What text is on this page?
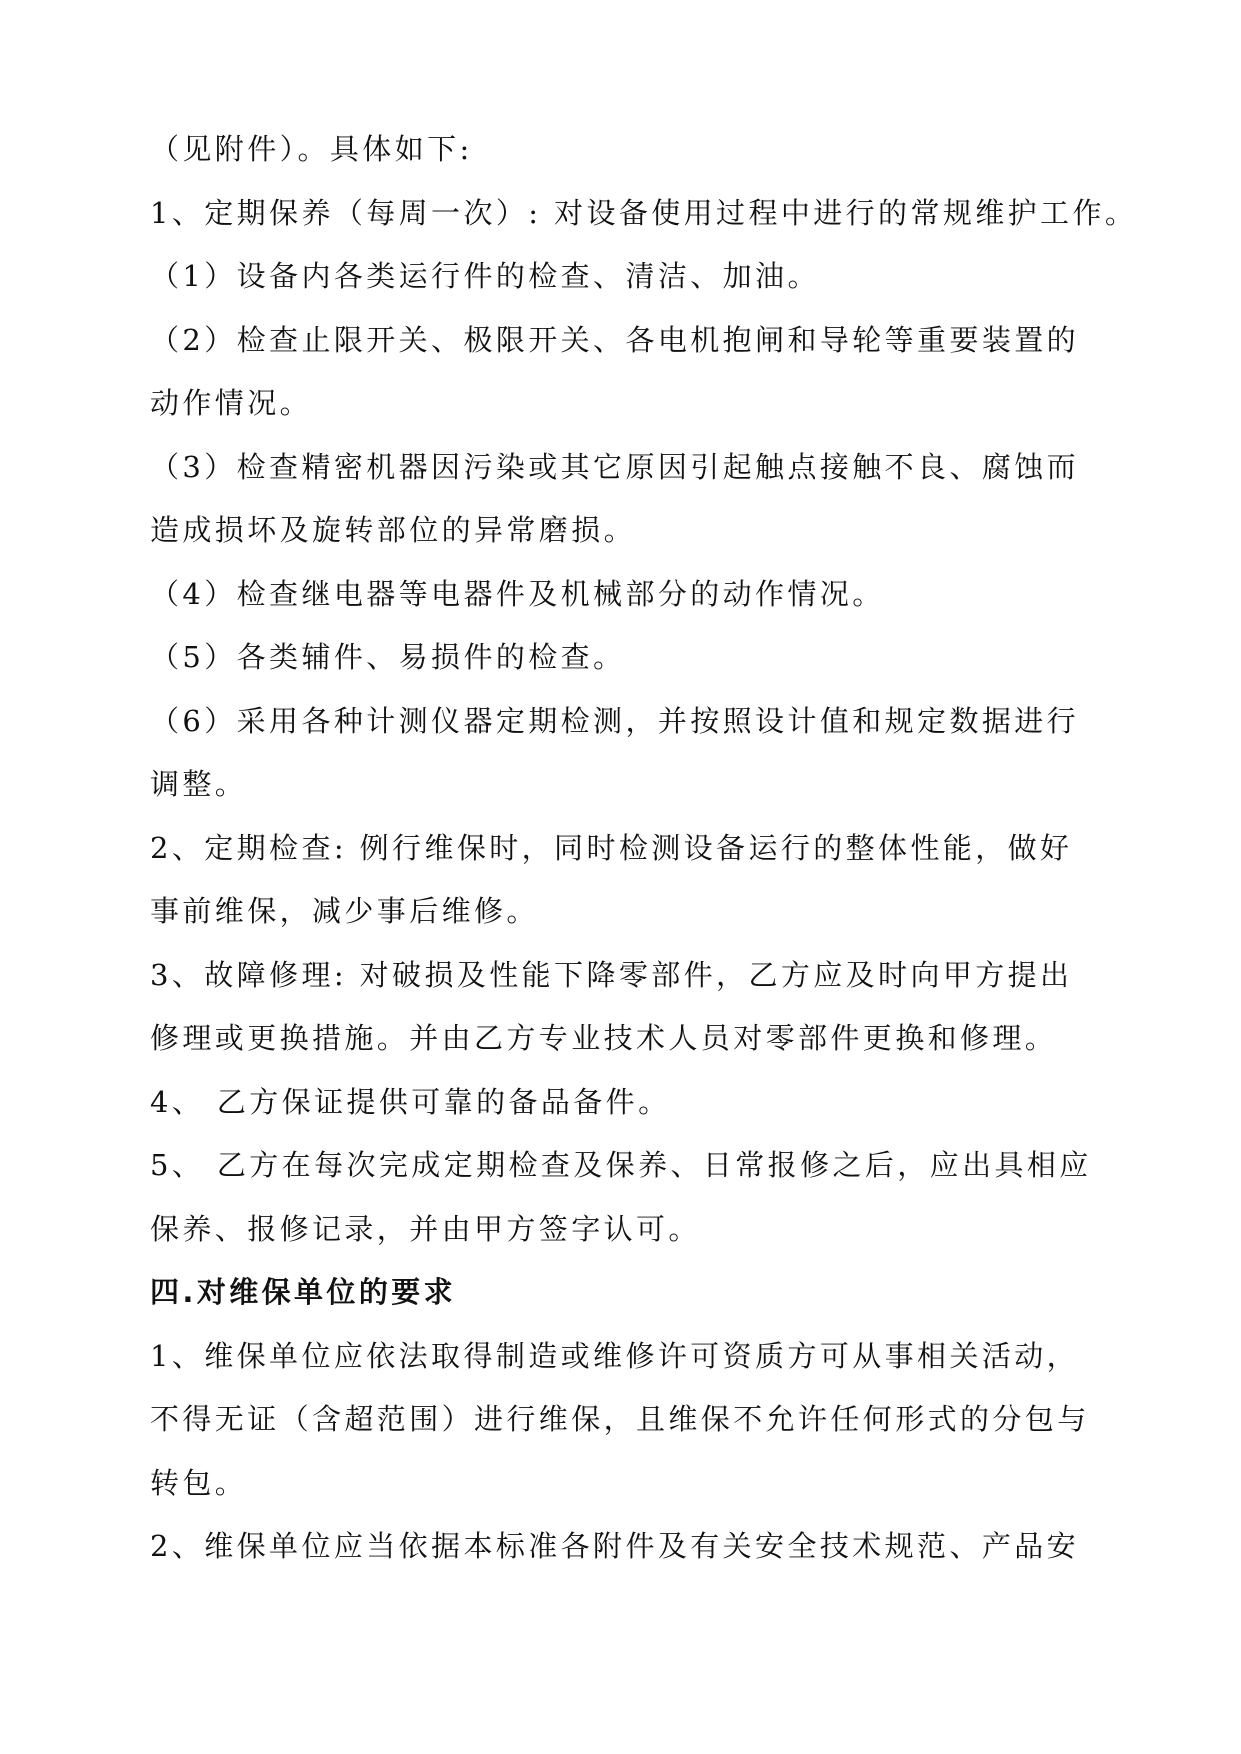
（见附件）。具体如下:
1、定期保养（每周一次）: 对设备使用过程中进行的常规维护工作。
（1）设备内各类运行件的检查、清洁、加油。
（2）检查止限开关、极限开关、各电机抱闸和导轮等重要装置的
动作情况。
（3）检查精密机器因污染或其它原因引起触点接触不良、腐蚀而
造成损坏及旋转部位的异常磨损。
（4）检查继电器等电器件及机械部分的动作情况。
（5）各类辅件、易损件的检查。
（6）采用各种计测仪器定期检测，并按照设计值和规定数据进行
调整。
2、定期检查: 例行维保时，同时检测设备运行的整体性能，做好
事前维保，减少事后维修。
3、故障修理: 对破损及性能下降零部件，乙方应及时向甲方提出
修理或更换措施。并由乙方专业技术人员对零部件更换和修理。
4、 乙方保证提供可靠的备品备件。
5、 乙方在每次完成定期检查及保养、日常报修之后，应出具相应
保养、报修记录，并由甲方签字认可。
四.对维保单位的要求
1、维保单位应依法取得制造或维修许可资质方可从事相关活动，
不得无证（含超范围）进行维保，且维保不允许任何形式的分包与
转包。
2、维保单位应当依据本标准各附件及有关安全技术规范、产品安
